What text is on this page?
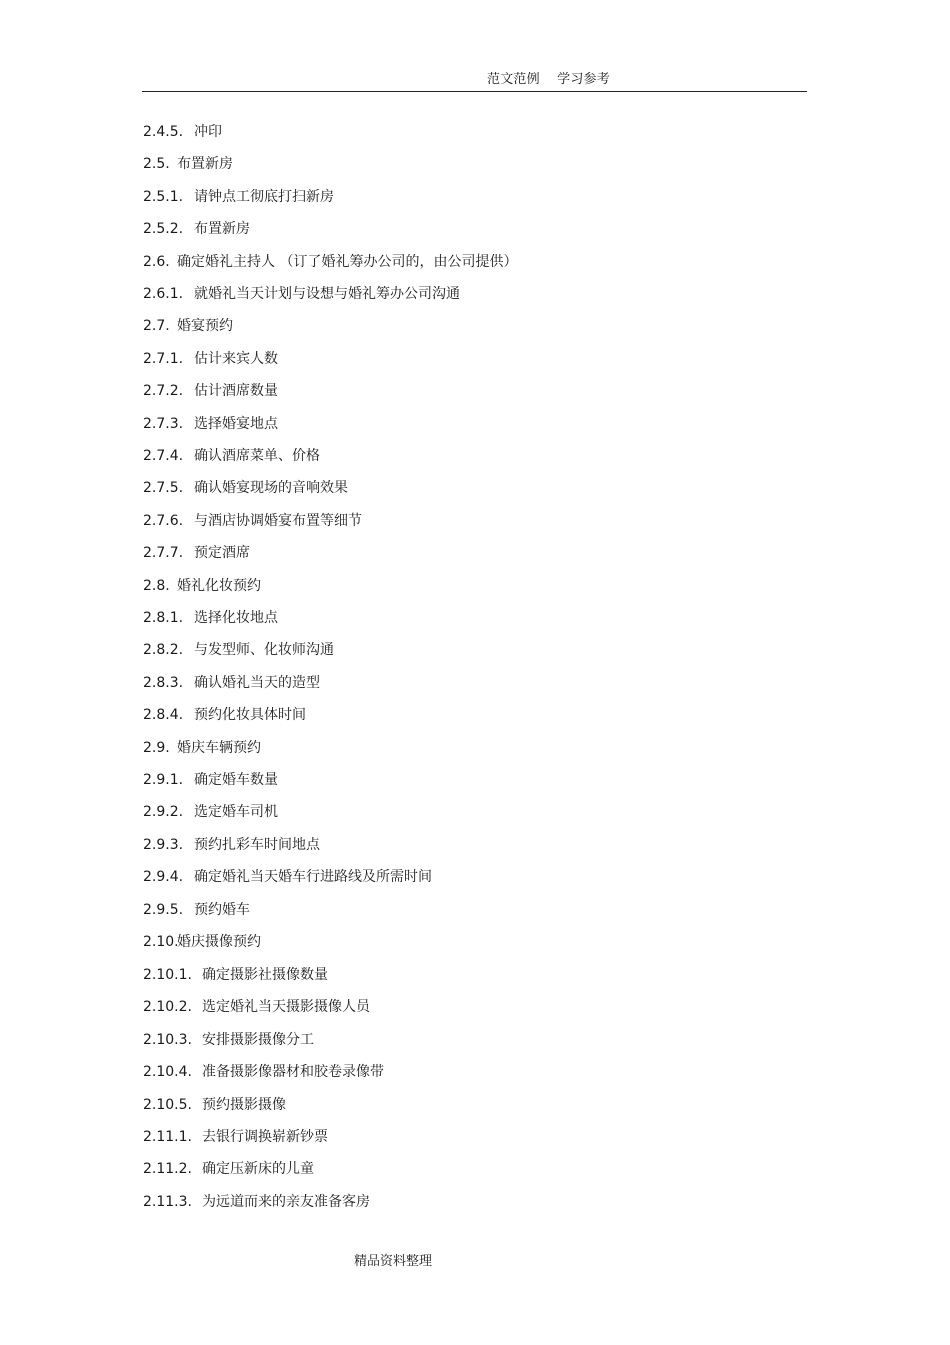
范文范例    学习参考
2.4.5. 冲印
2.5. 布置新房
2.5.1. 请钟点工彻底打扫新房
2.5.2. 布置新房
2.6. 确定婚礼主持人 （订了婚礼筹办公司的，由公司提供）
2.6.1. 就婚礼当天计划与设想与婚礼筹办公司沟通
2.7. 婚宴预约
2.7.1. 估计来宾人数
2.7.2. 估计酒席数量
2.7.3. 选择婚宴地点
2.7.4. 确认酒席菜单、价格
2.7.5. 确认婚宴现场的音响效果
2.7.6. 与酒店协调婚宴布置等细节
2.7.7. 预定酒席
2.8. 婚礼化妆预约
2.8.1. 选择化妆地点
2.8.2. 与发型师、化妆师沟通
2.8.3. 确认婚礼当天的造型
2.8.4. 预约化妆具体时间
2.9. 婚庆车辆预约
2.9.1. 确定婚车数量
2.9.2. 选定婚车司机
2.9.3. 预约扎彩车时间地点
2.9.4. 确定婚礼当天婚车行进路线及所需时间
2.9.5. 预约婚车
2.10.婚庆摄像预约
2.10.1. 确定摄影社摄像数量
2.10.2. 选定婚礼当天摄影摄像人员
2.10.3. 安排摄影摄像分工
2.10.4. 准备摄影像器材和胶卷录像带
2.10.5. 预约摄影摄像
2.11.1. 去银行调换崭新钞票
2.11.2. 确定压新床的儿童
2.11.3. 为远道而来的亲友准备客房
精品资料整理
